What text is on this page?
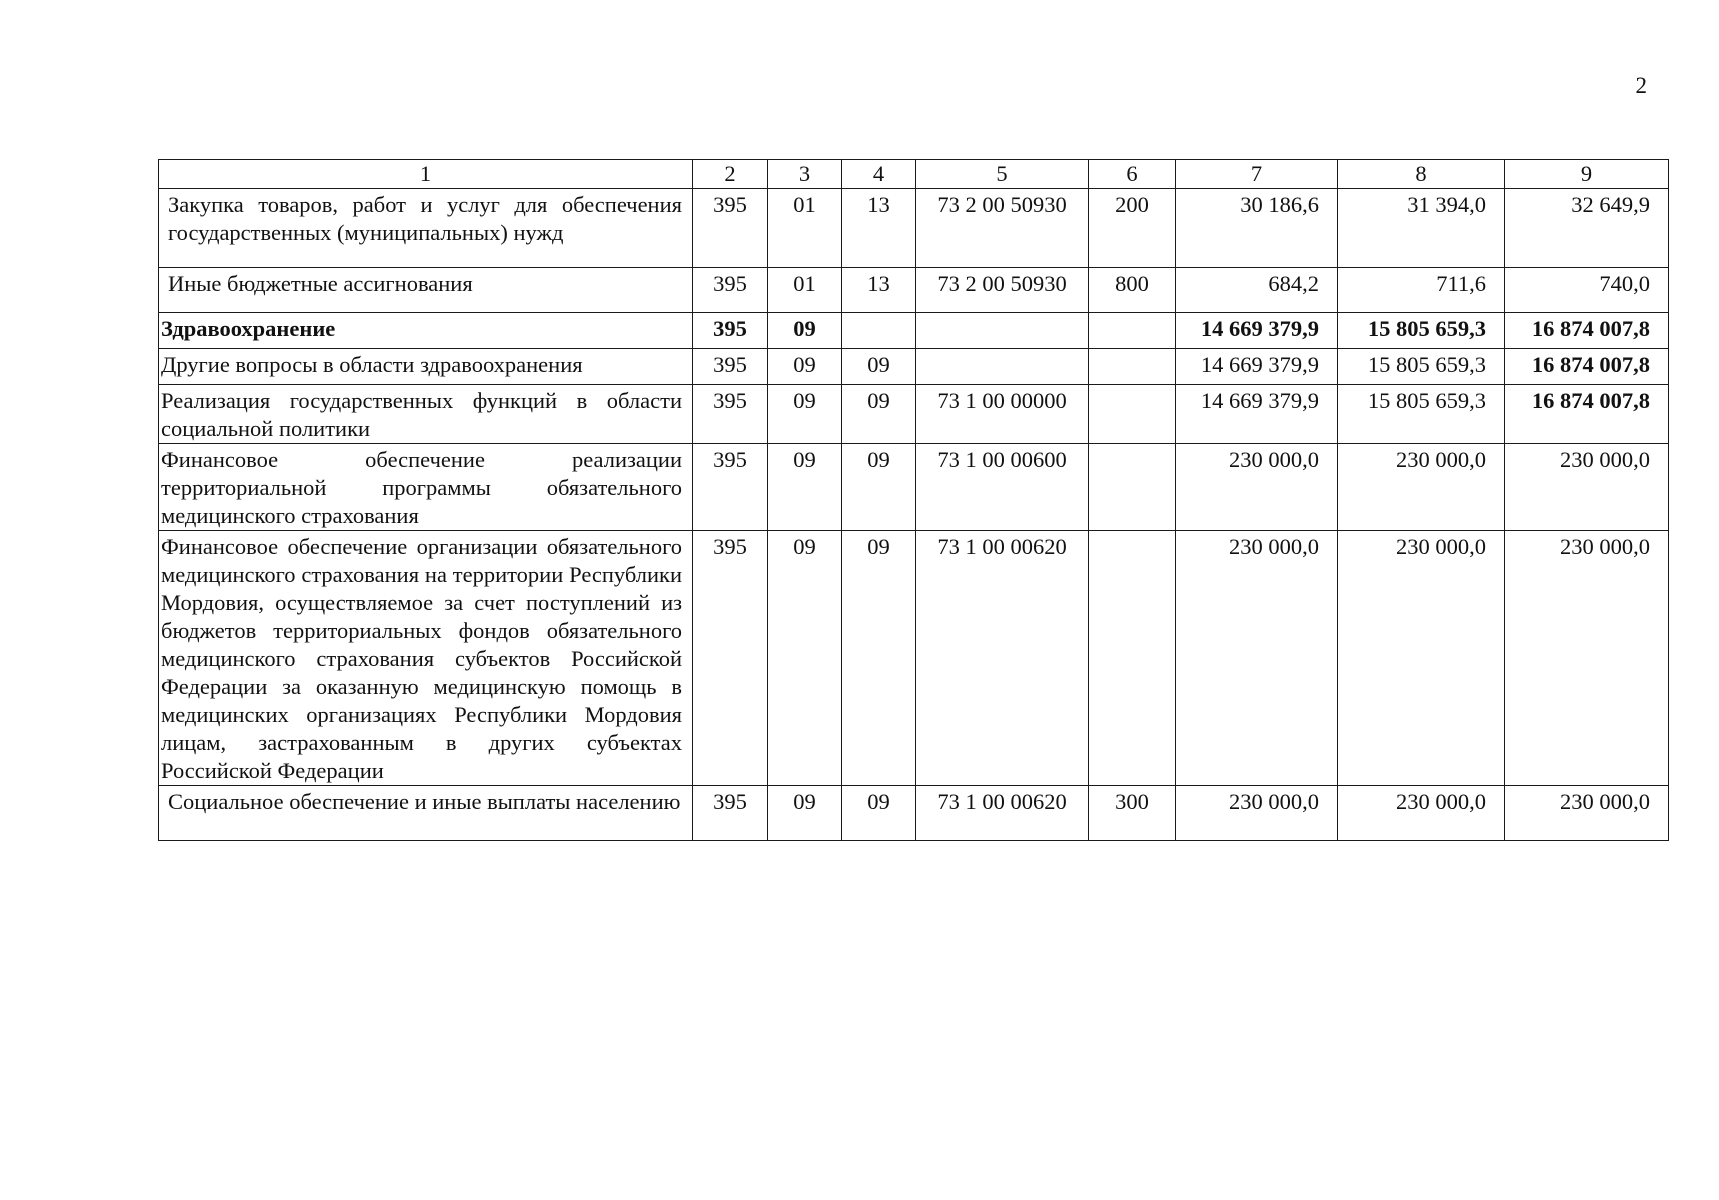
2
1	2	3	4	5	6	7	8	9
Закупка товаров, работ и услуг для обеспечения государственных (муниципальных) нужд	395	01	13	73 2 00 50930	200	30 186,6	31 394,0	32 649,9
Иные бюджетные ассигнования	395	01	13	73 2 00 50930	800	684,2	711,6	740,0
Здравоохранение	395	09				14 669 379,9	15 805 659,3	16 874 007,8
Другие вопросы в области здравоохранения	395	09	09			14 669 379,9	15 805 659,3	16 874 007,8
Реализация государственных функций в области социальной политики	395	09	09	73 1 00 00000		14 669 379,9	15 805 659,3	16 874 007,8
Финансовое обеспечение реализации территориальной программы обязательного медицинского страхования	395	09	09	73 1 00 00600		230 000,0	230 000,0	230 000,0
Финансовое обеспечение организации обязательного медицинского страхования на территории Республики Мордовия, осуществляемое за счет поступлений из бюджетов территориальных фондов обязательного медицинского страхования субъектов Российской Федерации за оказанную медицинскую помощь в медицинских организациях Республики Мордовия лицам, застрахованным в других субъектах Российской Федерации	395	09	09	73 1 00 00620		230 000,0	230 000,0	230 000,0
Социальное обеспечение и иные выплаты населению	395	09	09	73 1 00 00620	300	230 000,0	230 000,0	230 000,0
